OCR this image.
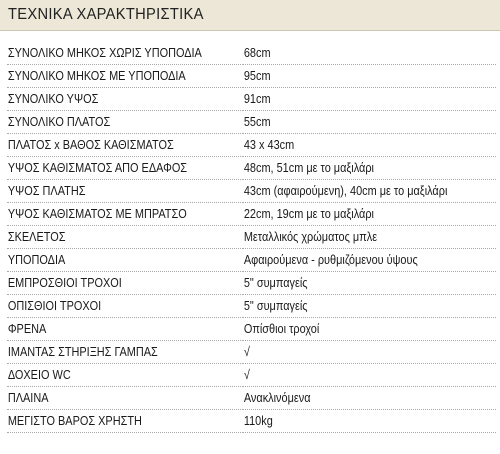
ΤΕΧΝΙΚΑ ΧΑΡΑΚΤΗΡΙΣΤΙΚΑ
ΣΥΝΟΛΙΚΟ ΜΗΚΟΣ ΧΩΡΙΣ ΥΠΟΠΟΔΙΑ	68cm
ΣΥΝΟΛΙΚΟ ΜΗΚΟΣ ΜΕ ΥΠΟΠΟΔΙΑ	95cm
ΣΥΝΟΛΙΚΟ ΥΨΟΣ	91cm
ΣΥΝΟΛΙΚΟ ΠΛΑΤΟΣ	55cm
ΠΛΑΤΟΣ x ΒΑΘΟΣ ΚΑΘΙΣΜΑΤΟΣ	43 x 43cm
ΥΨΟΣ ΚΑΘΙΣΜΑΤΟΣ ΑΠΟ ΕΔΑΦΟΣ	48cm, 51cm με το μαξιλάρι
ΥΨΟΣ ΠΛΑΤΗΣ	43cm (αφαιρούμενη), 40cm με το μαξιλάρι
ΥΨΟΣ ΚΑΘΙΣΜΑΤΟΣ ΜΕ ΜΠΡΑΤΣΟ	22cm, 19cm με το μαξιλάρι
ΣΚΕΛΕΤΟΣ	Μεταλλικός χρώματος μπλε
ΥΠΟΠΟΔΙΑ	Αφαιρούμενα - ρυθμιζόμενου ύψους
ΕΜΠΡΟΣΘΙΟΙ ΤΡΟΧΟΙ	5" συμπαγείς
ΟΠΙΣΘΙΟΙ ΤΡΟΧΟΙ	5" συμπαγείς
ΦΡΕΝΑ	Οπίσθιοι τροχοί
ΙΜΑΝΤΑΣ ΣΤΗΡΙΞΗΣ ΓΑΜΠΑΣ	√
ΔΟΧΕΙΟ WC	√
ΠΛΑΙΝΑ	Ανακλινόμενα
ΜΕΓΙΣΤΟ ΒΑΡΟΣ ΧΡΗΣΤΗ	110kg
